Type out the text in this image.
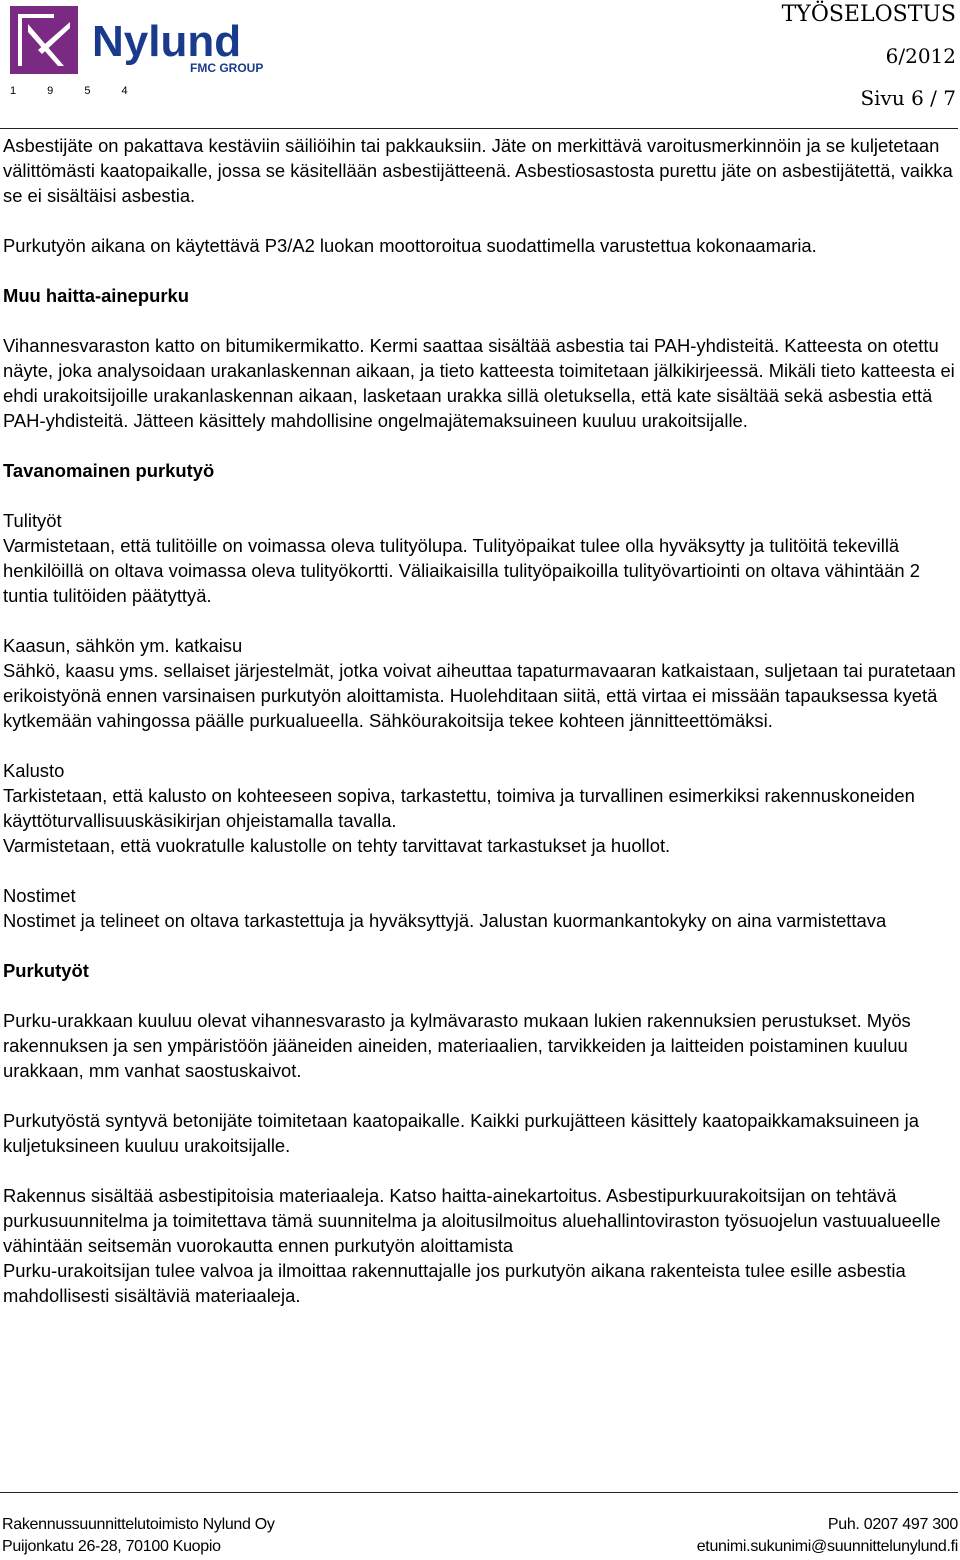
Nylund
FMC GROUP
1 9 5 4
TYÖSELOSTUS
6/2012
Sivu 6 / 7

Asbestijäte on pakattava kestäviin säiliöihin tai pakkauksiin. Jäte on merkittävä varoitusmerkinnöin ja se kuljetetaan välittömästi kaatopaikalle, jossa se käsitellään asbestijätteenä. Asbestiosastosta purettu jäte on asbestijätettä, vaikka se ei sisältäisi asbestia.

Purkutyön aikana on käytettävä P3/A2 luokan moottoroitua suodattimella varustettua kokonaamaria.

Muu haitta-ainepurku

Vihannesvaraston katto on bitumikermikatto. Kermi saattaa sisältää asbestia tai PAH-yhdisteitä. Katteesta on otettu näyte, joka analysoidaan urakanlaskennan aikaan, ja tieto katteesta toimitetaan jälkikirjeessä. Mikäli tieto katteesta ei ehdi urakoitsijoille urakanlaskennan aikaan, lasketaan urakka sillä oletuksella, että kate sisältää sekä asbestia että PAH-yhdisteitä. Jätteen käsittely mahdollisine ongelmajätemaksuineen kuuluu urakoitsijalle.

Tavanomainen purkutyö

Tulityöt

Varmistetaan, että tulitöille on voimassa oleva tulityölupa. Tulityöpaikat tulee olla hyväksytty ja tulitöitä tekevillä henkilöillä on oltava voimassa oleva tulityökortti. Väliaikaisilla tulityöpaikoilla tulityövartiointi on oltava vähintään 2 tuntia tulitöiden päätyttyä.

Kaasun, sähkön ym. katkaisu

Sähkö, kaasu yms. sellaiset järjestelmät, jotka voivat aiheuttaa tapaturmavaaran katkaistaan, suljetaan tai puratetaan erikoistyönä ennen varsinaisen purkutyön aloittamista. Huolehditaan siitä, että virtaa ei missään tapauksessa kyetä kytkemään vahingossa päälle purkualueella. Sähköurakoitsija tekee kohteen jännitteettömäksi.

Kalusto

Tarkistetaan, että kalusto on kohteeseen sopiva, tarkastettu, toimiva ja turvallinen esimerkiksi rakennuskoneiden käyttöturvallisuuskäsikirjan ohjeistamalla tavalla.

Varmistetaan, että vuokratulle kalustolle on tehty tarvittavat tarkastukset ja huollot.

Nostimet

Nostimet ja telineet on oltava tarkastettuja ja hyväksyttyjä. Jalustan kuormankantokyky on aina varmistettava

Purkutyöt

Purku-urakkaan kuuluu olevat vihannesvarasto ja kylmävarasto mukaan lukien rakennuksien perustukset. Myös rakennuksen ja sen ympäristöön jääneiden aineiden, materiaalien, tarvikkeiden ja laitteiden poistaminen kuuluu urakkaan, mm vanhat saostuskaivot.

Purkutyöstä syntyvä betonijäte toimitetaan kaatopaikalle. Kaikki purkujätteen käsittely kaatopaikkamaksuineen ja kuljetuksineen kuuluu urakoitsijalle.

Rakennus sisältää asbestipitoisia materiaaleja. Katso haitta-ainekartoitus. Asbestipurkuurakoitsijan on tehtävä purkusuunnitelma ja toimitettava tämä suunnitelma ja aloitusilmoitus aluehallintoviraston työsuojelun vastuualueelle vähintään seitsemän vuorokautta ennen purkutyön aloittamista

Purku-urakoitsijan tulee valvoa ja ilmoittaa rakennuttajalle jos purkutyön aikana rakenteista tulee esille asbestia mahdollisesti sisältäviä materiaaleja.

Rakennussuunnittelutoimisto Nylund Oy
Puijonkatu 26-28, 70100 Kuopio
Puh. 0207 497 300
etunimi.sukunimi@suunnittelunylund.fi
